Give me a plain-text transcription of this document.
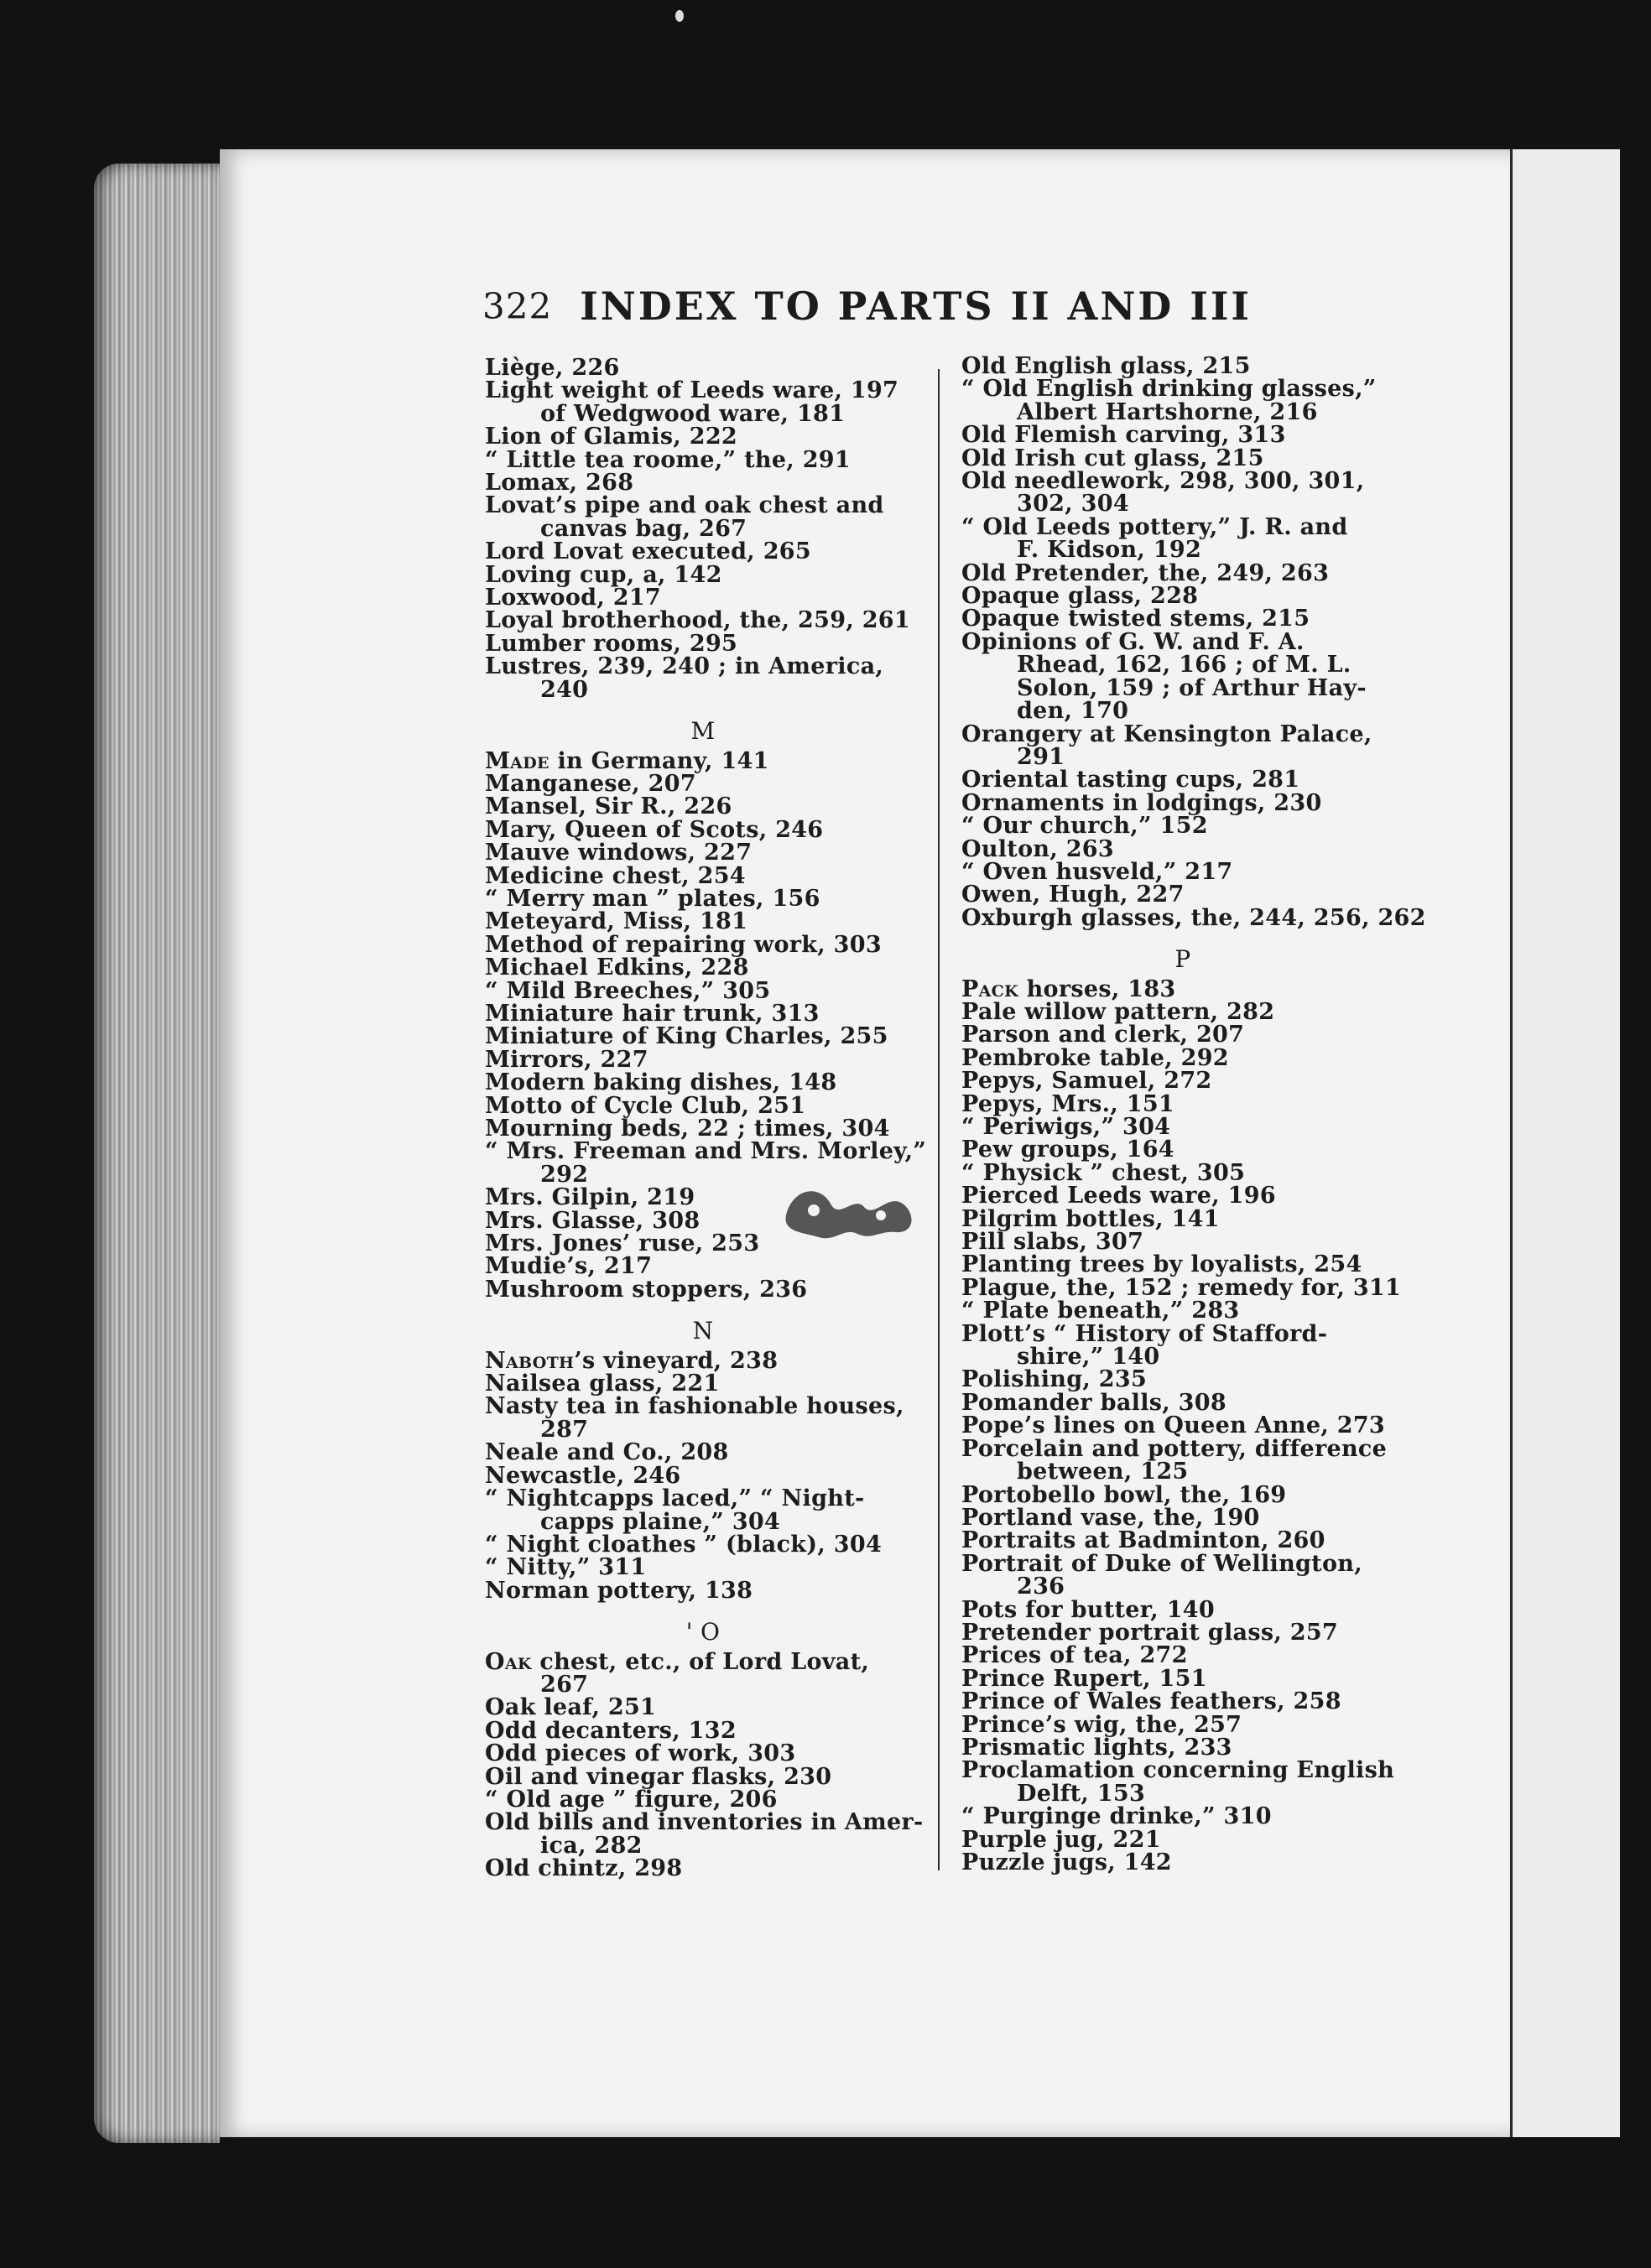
322 INDEX TO PARTS II AND III
Liège, 226
Light weight of Leeds ware, 197
of Wedgwood ware, 181
Lion of Glamis, 222
“ Little tea roome,” the, 291
Lomax, 268
Lovat’s pipe and oak chest and
canvas bag, 267
Lord Lovat executed, 265
Loving cup, a, 142
Loxwood, 217
Loyal brotherhood, the, 259, 261
Lumber rooms, 295
Lustres, 239, 240 ; in America,
240
M
Made in Germany, 141
Manganese, 207
Mansel, Sir R., 226
Mary, Queen of Scots, 246
Mauve windows, 227
Medicine chest, 254
“ Merry man ” plates, 156
Meteyard, Miss, 181
Method of repairing work, 303
Michael Edkins, 228
“ Mild Breeches,” 305
Miniature hair trunk, 313
Miniature of King Charles, 255
Mirrors, 227
Modern baking dishes, 148
Motto of Cycle Club, 251
Mourning beds, 22 ; times, 304
“ Mrs. Freeman and Mrs. Morley,”
292
Mrs. Gilpin, 219
Mrs. Glasse, 308
Mrs. Jones’ ruse, 253
Mudie’s, 217
Mushroom stoppers, 236
N
Naboth’s vineyard, 238
Nailsea glass, 221
Nasty tea in fashionable houses,
287
Neale and Co., 208
Newcastle, 246
“ Nightcapps laced,” “ Night-
capps plaine,” 304
“ Night cloathes ” (black), 304
“ Nitty,” 311
Norman pottery, 138
' O
Oak chest, etc., of Lord Lovat,
267
Oak leaf, 251
Odd decanters, 132
Odd pieces of work, 303
Oil and vinegar flasks, 230
“ Old age ” figure, 206
Old bills and inventories in Amer-
ica, 282
Old chintz, 298
Old English glass, 215
“ Old English drinking glasses,”
Albert Hartshorne, 216
Old Flemish carving, 313
Old Irish cut glass, 215
Old needlework, 298, 300, 301,
302, 304
“ Old Leeds pottery,” J. R. and
F. Kidson, 192
Old Pretender, the, 249, 263
Opaque glass, 228
Opaque twisted stems, 215
Opinions of G. W. and F. A.
Rhead, 162, 166 ; of M. L.
Solon, 159 ; of Arthur Hay-
den, 170
Orangery at Kensington Palace,
291
Oriental tasting cups, 281
Ornaments in lodgings, 230
“ Our church,” 152
Oulton, 263
“ Oven husveld,” 217
Owen, Hugh, 227
Oxburgh glasses, the, 244, 256, 262
P
Pack horses, 183
Pale willow pattern, 282
Parson and clerk, 207
Pembroke table, 292
Pepys, Samuel, 272
Pepys, Mrs., 151
“ Periwigs,” 304
Pew groups, 164
“ Physick ” chest, 305
Pierced Leeds ware, 196
Pilgrim bottles, 141
Pill slabs, 307
Planting trees by loyalists, 254
Plague, the, 152 ; remedy for, 311
“ Plate beneath,” 283
Plott’s “ History of Stafford-
shire,” 140
Polishing, 235
Pomander balls, 308
Pope’s lines on Queen Anne, 273
Porcelain and pottery, difference
between, 125
Portobello bowl, the, 169
Portland vase, the, 190
Portraits at Badminton, 260
Portrait of Duke of Wellington,
236
Pots for butter, 140
Pretender portrait glass, 257
Prices of tea, 272
Prince Rupert, 151
Prince of Wales feathers, 258
Prince’s wig, the, 257
Prismatic lights, 233
Proclamation concerning English
Delft, 153
“ Purginge drinke,” 310
Purple jug, 221
Puzzle jugs, 142
